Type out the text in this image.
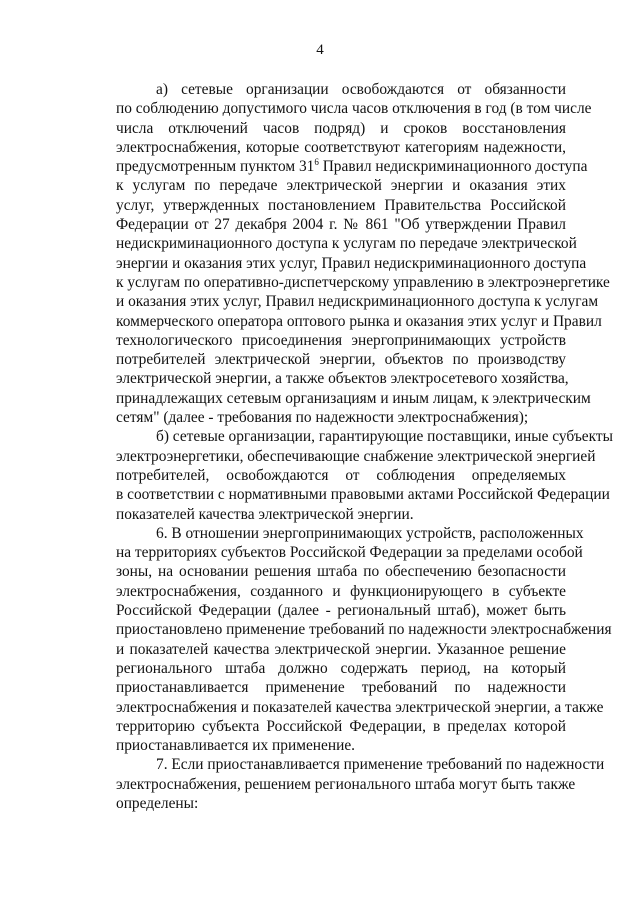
4
а) сетевые организации освобождаются от обязанности
по соблюдению допустимого числа часов отключения в год (в том числе
числа отключений часов подряд) и сроков восстановления
электроснабжения, которые соответствуют категориям надежности,
предусмотренным пунктом $31^6$ Правил недискриминационного доступа
к услугам по передаче электрической энергии и оказания этих
услуг, утвержденных постановлением Правительства Российской
Федерации от 27 декабря 2004 г. № 861 "Об утверждении Правил
недискриминационного доступа к услугам по передаче электрической
энергии и оказания этих услуг, Правил недискриминационного доступа
к услугам по оперативно-диспетчерскому управлению в электроэнергетике
и оказания этих услуг, Правил недискриминационного доступа к услугам
коммерческого оператора оптового рынка и оказания этих услуг и Правил
технологического присоединения энергопринимающих устройств
потребителей электрической энергии, объектов по производству
электрической энергии, а также объектов электросетевого хозяйства,
принадлежащих сетевым организациям и иным лицам, к электрическим
сетям" (далее - требования по надежности электроснабжения);
б) сетевые организации, гарантирующие поставщики, иные субъекты
электроэнергетики, обеспечивающие снабжение электрической энергией
потребителей, освобождаются от соблюдения определяемых
в соответствии с нормативными правовыми актами Российской Федерации
показателей качества электрической энергии.
6. В отношении энергопринимающих устройств, расположенных
на территориях субъектов Российской Федерации за пределами особой
зоны, на основании решения штаба по обеспечению безопасности
электроснабжения, созданного и функционирующего в субъекте
Российской Федерации (далее - региональный штаб), может быть
приостановлено применение требований по надежности электроснабжения
и показателей качества электрической энергии. Указанное решение
регионального штаба должно содержать период, на который
приостанавливается применение требований по надежности
электроснабжения и показателей качества электрической энергии, а также
территорию субъекта Российской Федерации, в пределах которой
приостанавливается их применение.
7. Если приостанавливается применение требований по надежности
электроснабжения, решением регионального штаба могут быть также
определены:
